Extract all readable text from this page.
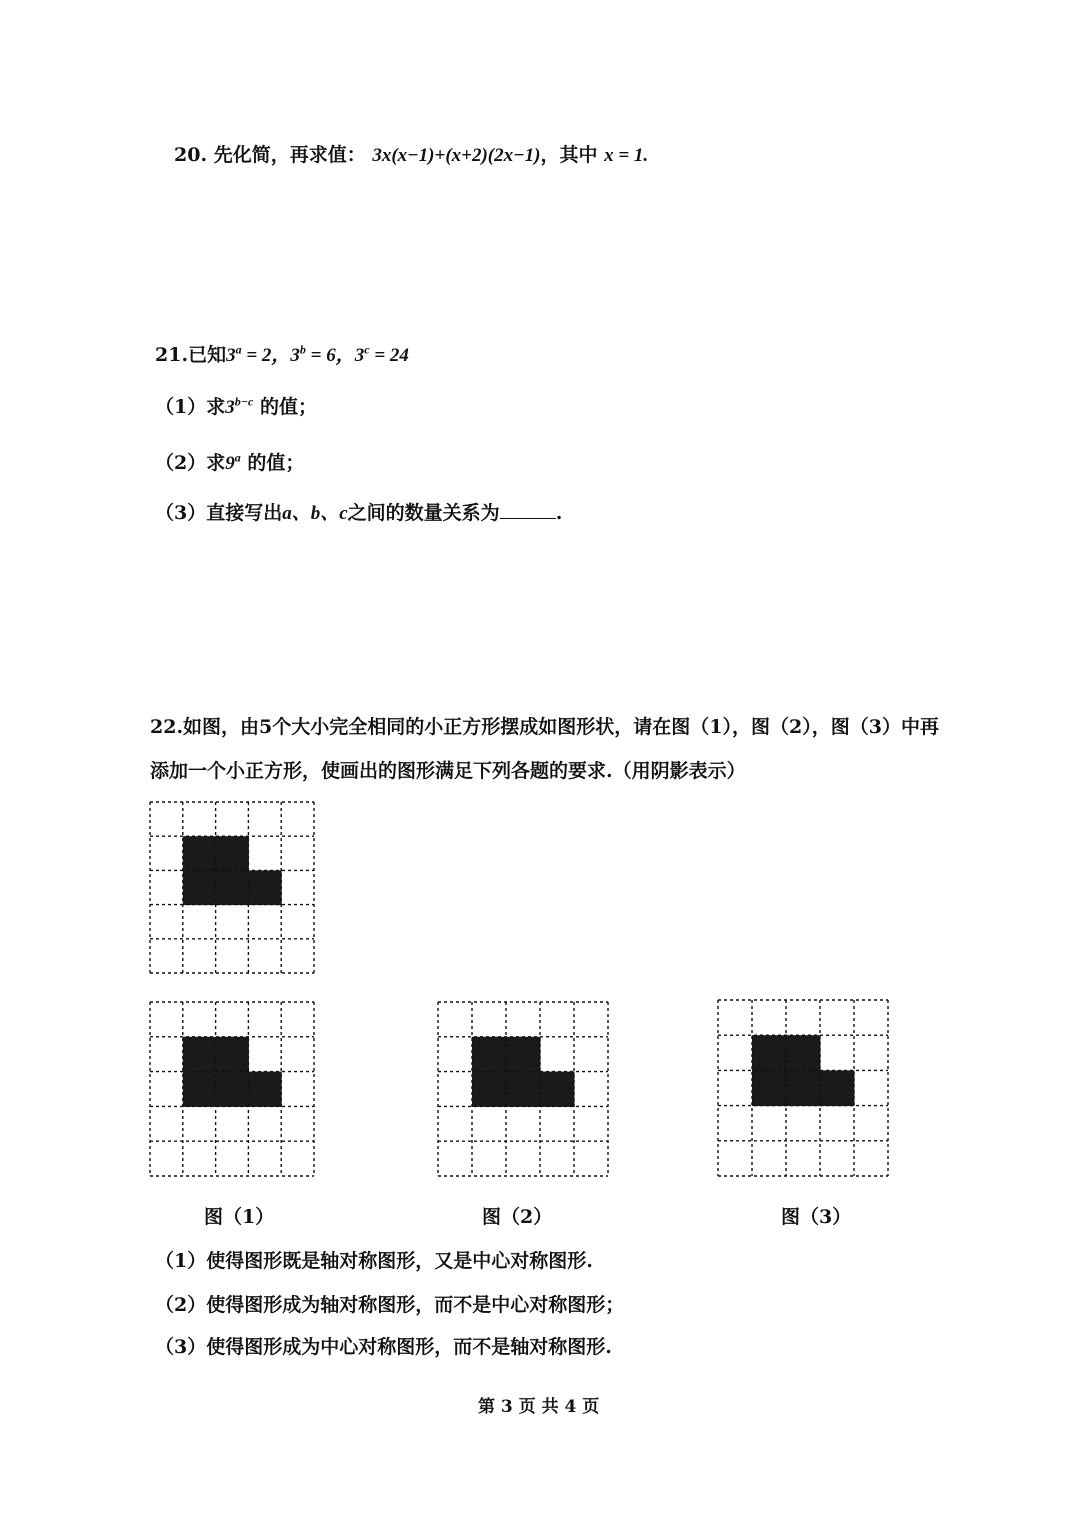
20. 先化简，再求值： 3x(x−1)+(x+2)(2x−1)，其中 x = 1.
21.已知$3^a = 2$，$3^b = 6$，$3^c = 24$
（1）求$3^{b-c}$ 的值；
（2）求9$^a$ 的值；
（3）直接写出a、b、c之间的数量关系为	.
22.如图，由5个大小完全相同的小正方形摆成如图形状，请在图（1），图（2），图（3）中再
添加一个小正方形，使画出的图形满足下列各题的要求.（用阴影表示）
图（1）	图（2）	图（3）
（1）使得图形既是轴对称图形，又是中心对称图形.
（2）使得图形成为轴对称图形，而不是中心对称图形；
（3）使得图形成为中心对称图形，而不是轴对称图形.
第 3 页 共 4 页
